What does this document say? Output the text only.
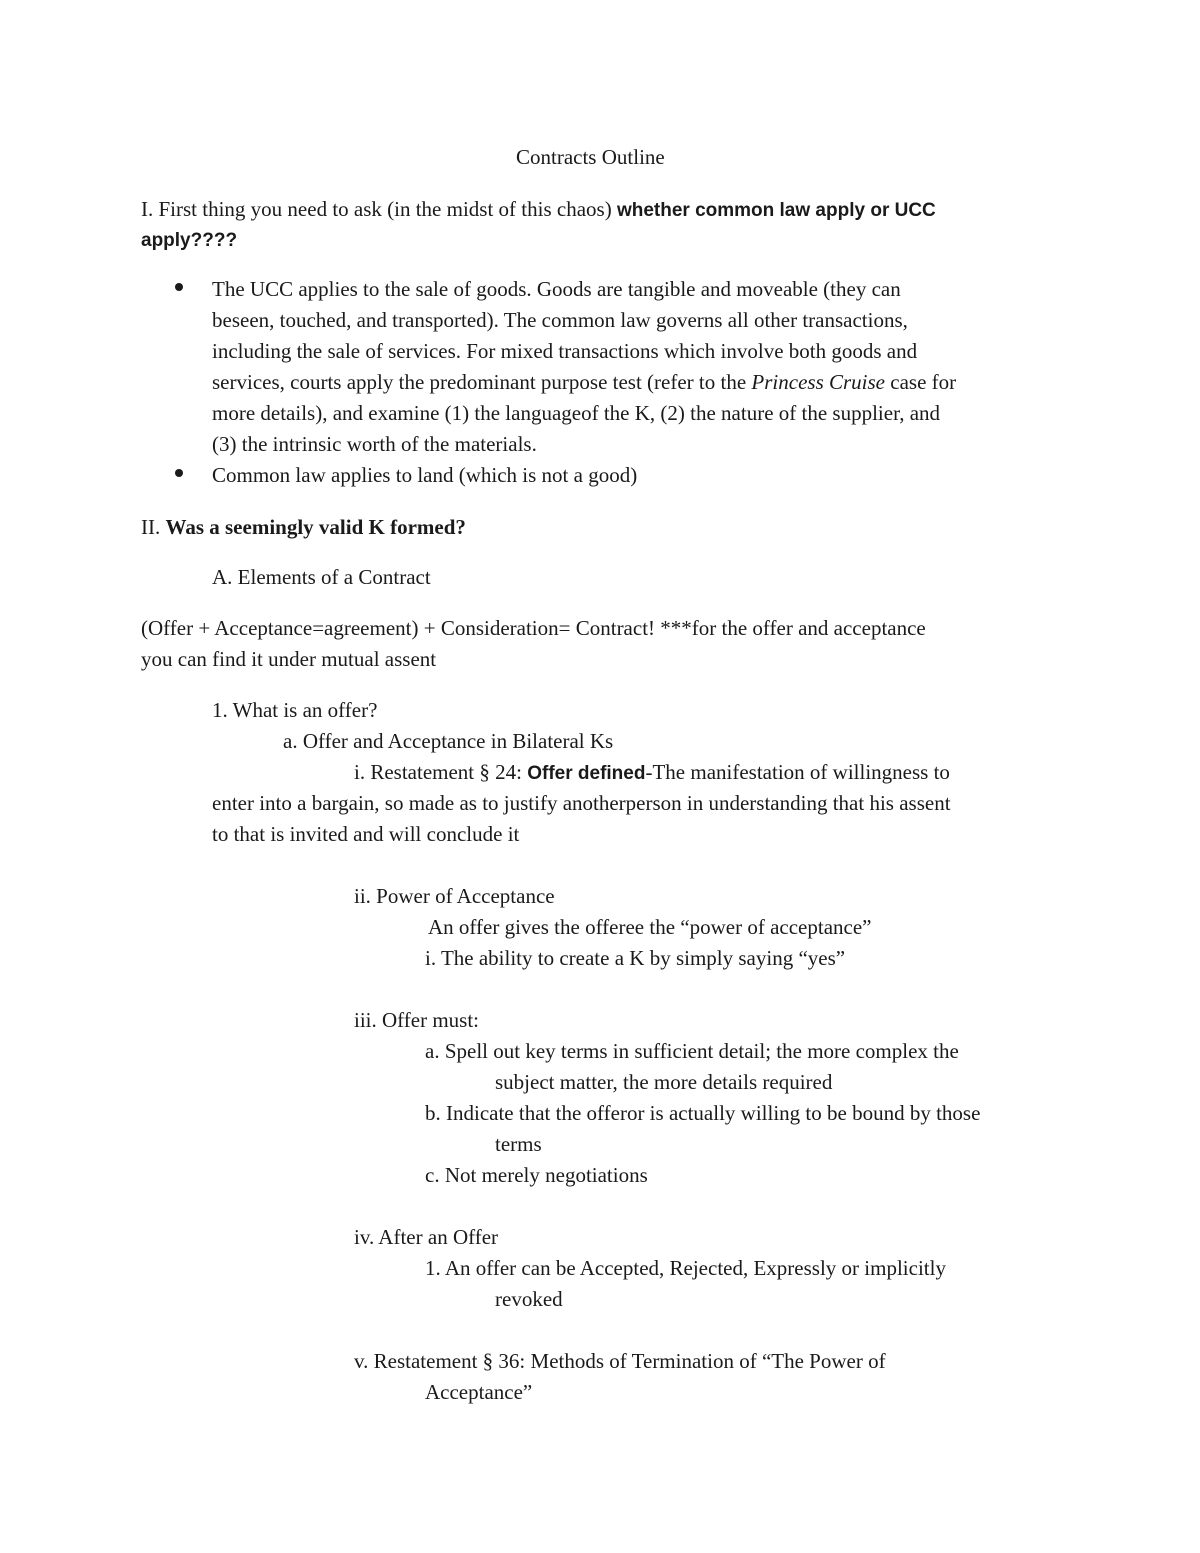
Contracts Outline
I. First thing you need to ask (in the midst of this chaos) whether common law apply or UCC
apply????
The UCC applies to the sale of goods. Goods are tangible and moveable (they can
beseen, touched, and transported). The common law governs all other transactions,
including the sale of services. For mixed transactions which involve both goods and
services, courts apply the predominant purpose test (refer to the Princess Cruise case for
more details), and examine (1) the languageof the K, (2) the nature of the supplier, and
(3) the intrinsic worth of the materials.
Common law applies to land (which is not a good)
II. Was a seemingly valid K formed?
A. Elements of a Contract
(Offer + Acceptance=agreement) + Consideration= Contract! ***for the offer and acceptance
you can find it under mutual assent
1. What is an offer?
a. Offer and Acceptance in Bilateral Ks
i. Restatement § 24: Offer defined-The manifestation of willingness to
enter into a bargain, so made as to justify anotherperson in understanding that his assent
to that is invited and will conclude it
ii. Power of Acceptance
An offer gives the offeree the “power of acceptance”
i. The ability to create a K by simply saying “yes”
iii. Offer must:
a. Spell out key terms in sufficient detail; the more complex the
subject matter, the more details required
b. Indicate that the offeror is actually willing to be bound by those
terms
c. Not merely negotiations
iv. After an Offer
1. An offer can be Accepted, Rejected, Expressly or implicitly
revoked
v. Restatement § 36: Methods of Termination of “The Power of
Acceptance”
